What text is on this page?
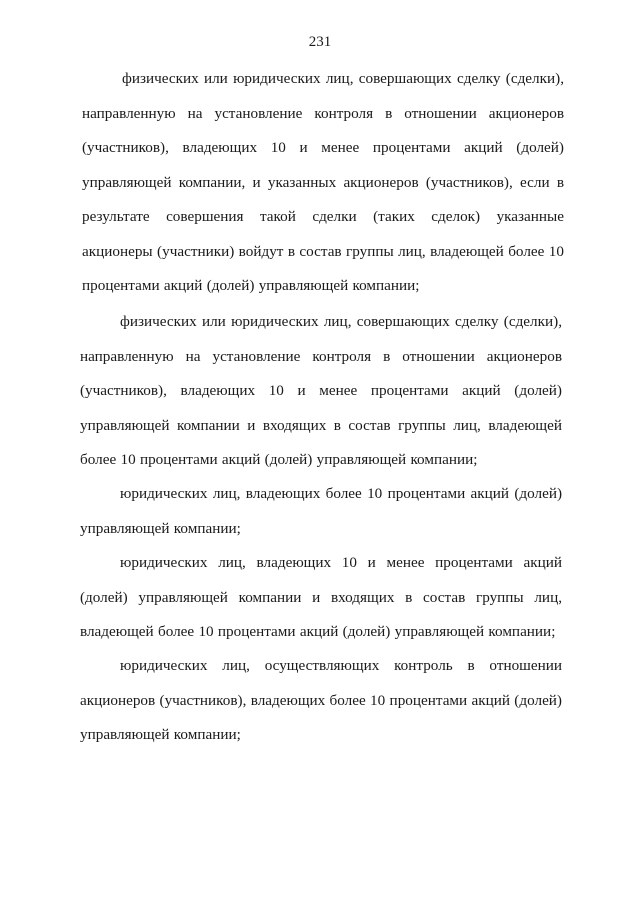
231

физических или юридических лиц, совершающих сделку (сделки), направленную на установление контроля в отношении акционеров (участников), владеющих 10 и менее процентами акций (долей) управляющей компании, и указанных акционеров (участников), если в результате совершения такой сделки (таких сделок) указанные акционеры (участники) войдут в состав группы лиц, владеющей более 10 процентами акций (долей) управляющей компании;

физических или юридических лиц, совершающих сделку (сделки), направленную на установление контроля в отношении акционеров (участников), владеющих 10 и менее процентами акций (долей) управляющей компании и входящих в состав группы лиц, владеющей более 10 процентами акций (долей) управляющей компании;

юридических лиц, владеющих более 10 процентами акций (долей) управляющей компании;

юридических лиц, владеющих 10 и менее процентами акций (долей) управляющей компании и входящих в состав группы лиц, владеющей более 10 процентами акций (долей) управляющей компании;

юридических лиц, осуществляющих контроль в отношении акционеров (участников), владеющих более 10 процентами акций (долей) управляющей компании;
